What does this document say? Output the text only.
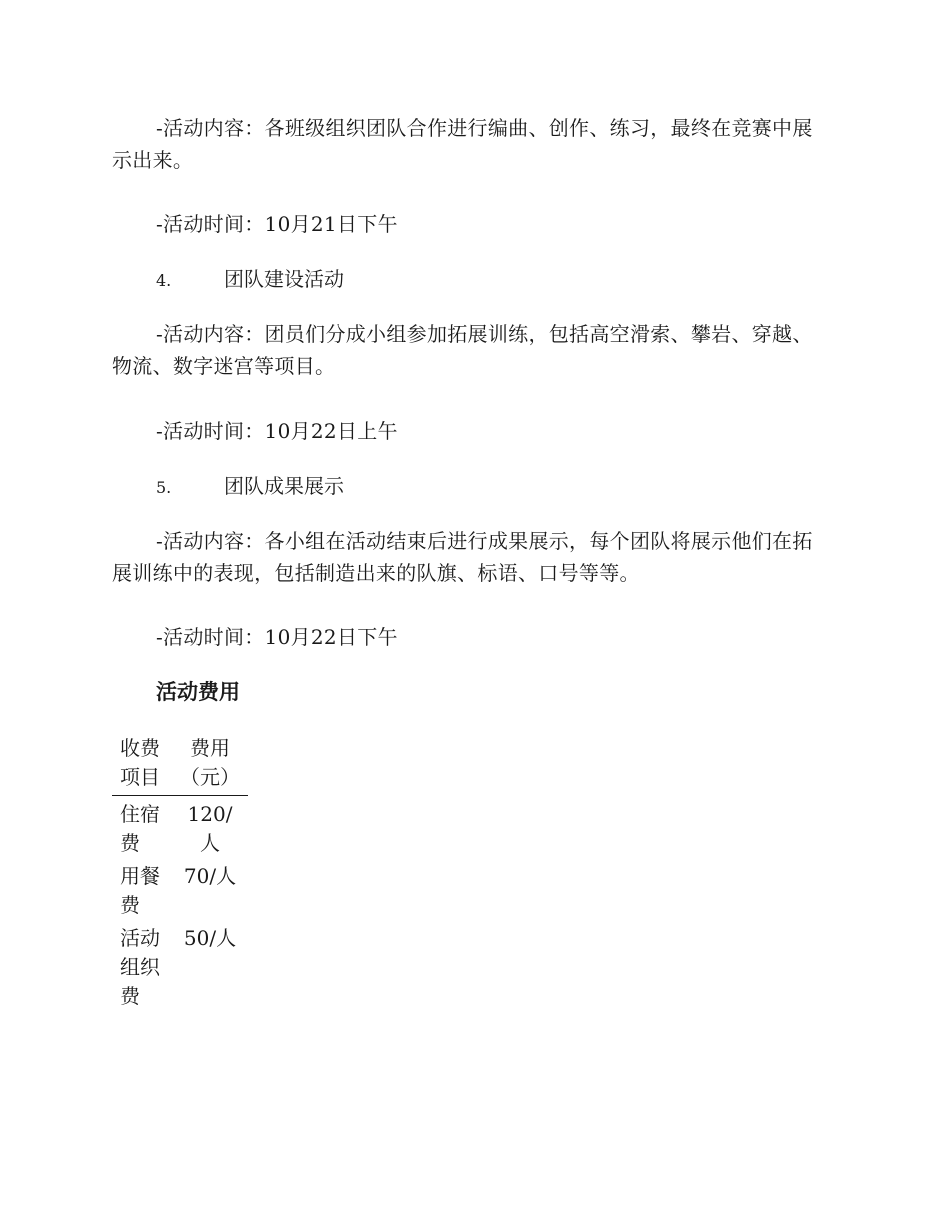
-活动内容：各班级组织团队合作进行编曲、创作、练习，最终在竞赛中展示出来。

-活动时间：10月21日下午

4.	团队建设活动

-活动内容：团员们分成小组参加拓展训练，包括高空滑索、攀岩、穿越、物流、数字迷宫等项目。

-活动时间：10月22日上午

5.	团队成果展示

-活动内容：各小组在活动结束后进行成果展示，每个团队将展示他们在拓展训练中的表现，包括制造出来的队旗、标语、口号等等。

-活动时间：10月22日下午

活动费用
收费项目	费用（元）
住宿费	120/人
用餐费	70/人
活动组织费	50/人
